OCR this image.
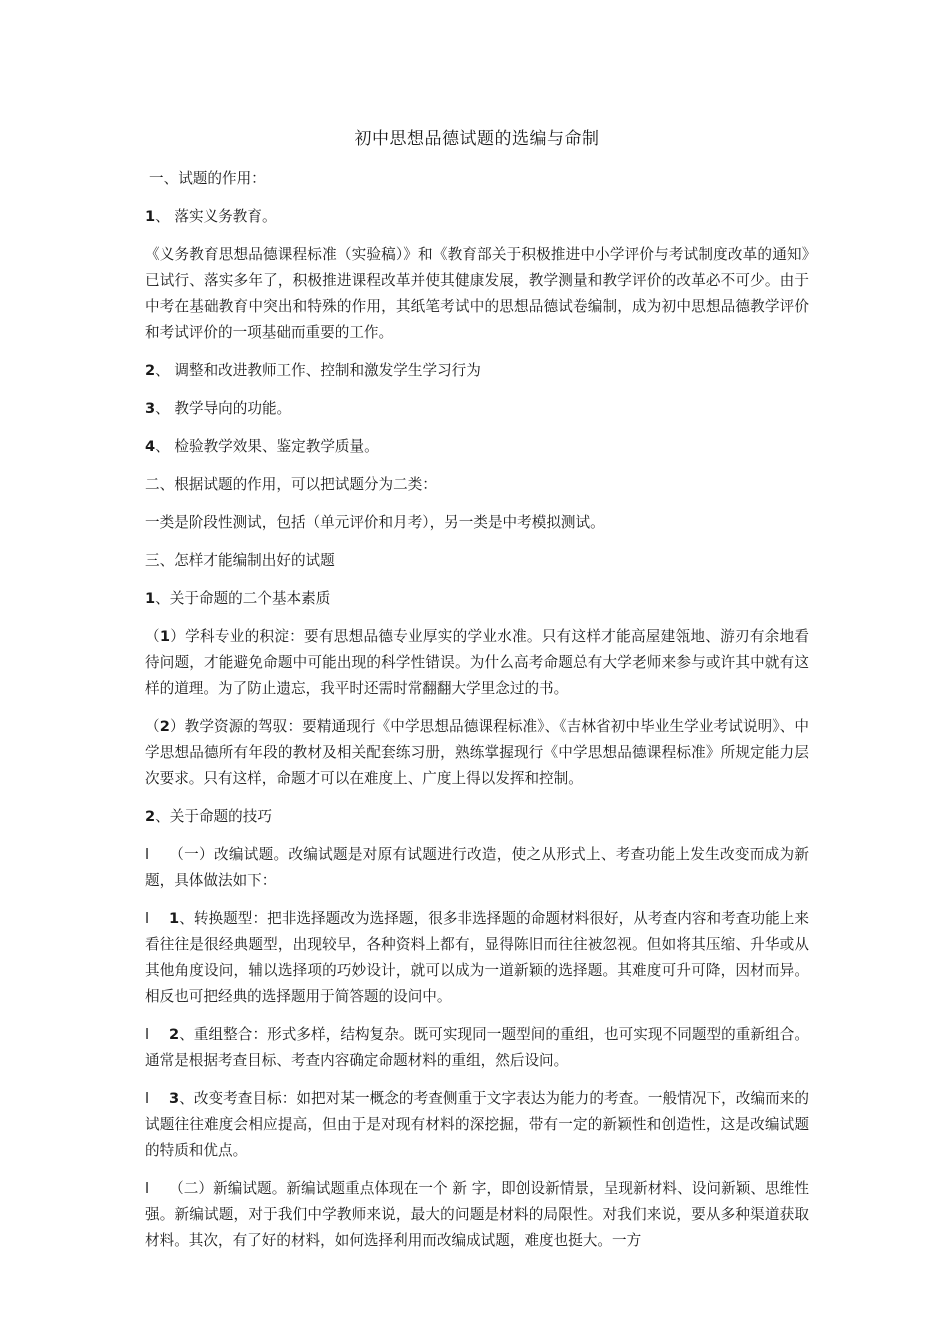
初中思想品德试题的选编与命制
一、试题的作用：
1、 落实义务教育。
《义务教育思想品德课程标准（实验稿）》和《教育部关于积极推进中小学评价与考试制度改革的通知》已试行、落实多年了，积极推进课程改革并使其健康发展，教学测量和教学评价的改革必不可少。由于中考在基础教育中突出和特殊的作用，其纸笔考试中的思想品德试卷编制，成为初中思想品德教学评价和考试评价的一项基础而重要的工作。
2、 调整和改进教师工作、控制和激发学生学习行为
3、 教学导向的功能。
4、 检验教学效果、鉴定教学质量。
二、根据试题的作用，可以把试题分为二类：
一类是阶段性测试，包括（单元评价和月考），另一类是中考模拟测试。
三、怎样才能编制出好的试题
1、关于命题的二个基本素质
（1）学科专业的积淀：要有思想品德专业厚实的学业水准。只有这样才能高屋建瓴地、游刃有余地看待问题，才能避免命题中可能出现的科学性错误。为什么高考命题总有大学老师来参与或许其中就有这样的道理。为了防止遗忘，我平时还需时常翻翻大学里念过的书。
（2）教学资源的驾驭：要精通现行《中学思想品德课程标准》、《吉林省初中毕业生学业考试说明》、中学思想品德所有年段的教材及相关配套练习册，熟练掌握现行《中学思想品德课程标准》所规定能力层次要求。只有这样，命题才可以在难度上、广度上得以发挥和控制。
2、关于命题的技巧
l （一）改编试题。改编试题是对原有试题进行改造，使之从形式上、考查功能上发生改变而成为新题，具体做法如下：
l 1、转换题型：把非选择题改为选择题，很多非选择题的命题材料很好，从考查内容和考查功能上来看往往是很经典题型，出现较早，各种资料上都有，显得陈旧而往往被忽视。但如将其压缩、升华或从其他角度设问，辅以选择项的巧妙设计，就可以成为一道新颖的选择题。其难度可升可降，因材而异。相反也可把经典的选择题用于简答题的设问中。
l 2、重组整合：形式多样，结构复杂。既可实现同一题型间的重组，也可实现不同题型的重新组合。通常是根据考查目标、考查内容确定命题材料的重组，然后设问。
l 3、改变考查目标：如把对某一概念的考查侧重于文字表达为能力的考查。一般情况下，改编而来的试题往往难度会相应提高，但由于是对现有材料的深挖掘，带有一定的新颖性和创造性，这是改编试题的特质和优点。
l （二）新编试题。新编试题重点体现在一个 新 字，即创设新情景，呈现新材料、设问新颖、思维性强。新编试题，对于我们中学教师来说，最大的问题是材料的局限性。对我们来说，要从多种渠道获取材料。其次，有了好的材料，如何选择利用而改编成试题，难度也挺大。一方
